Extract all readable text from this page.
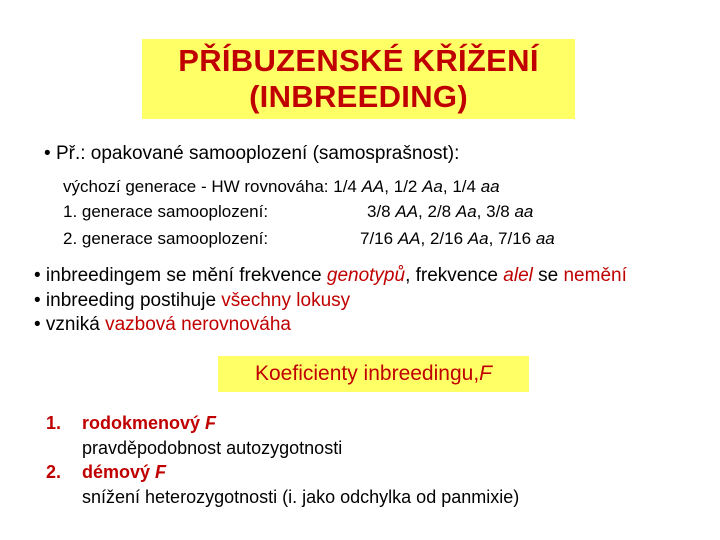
PŘÍBUZENSKÉ KŘÍŽENÍ
(INBREEDING)
• Př.: opakované samooplození (samosprašnost):
výchozí generace - HW rovnováha: 1/4 AA, 1/2 Aa, 1/4 aa
1. generace samooplození:	3/8 AA, 2/8 Aa, 3/8 aa
2. generace samooplození:	7/16 AA, 2/16 Aa, 7/16 aa
• inbreedingem se mění frekvence genotypů, frekvence alel se nemění
• inbreeding postihuje všechny lokusy
• vzniká vazbová nerovnováha
Koeficienty inbreedingu, F
1. rodokmenový F
pravděpodobnost autozygotnosti
2. démový F
snížení heterozygotnosti (i. jako odchylka od panmixie)
